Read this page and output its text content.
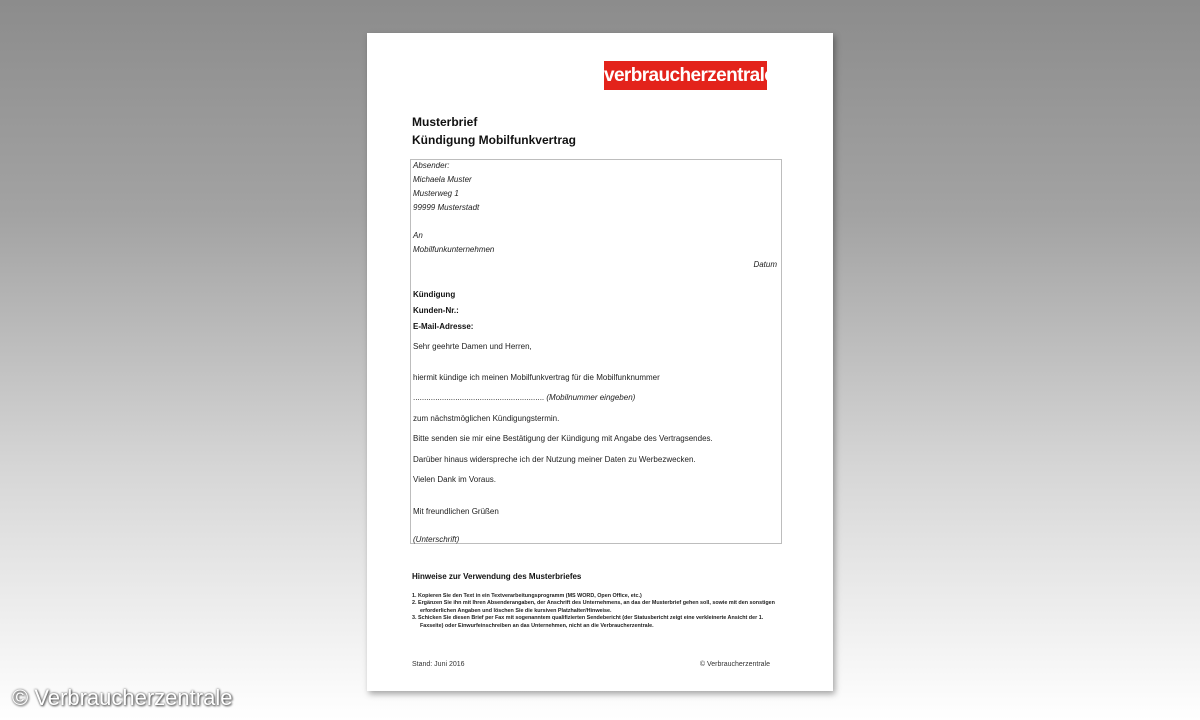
verbraucherzentrale
Musterbrief
Kündigung Mobilfunkvertrag
Absender:
Michaela Muster
Musterweg 1
99999 Musterstadt
An
Mobilfunkunternehmen
Datum
Kündigung
Kunden-Nr.:
E-Mail-Adresse:
Sehr geehrte Damen und Herren,
hiermit kündige ich meinen Mobilfunkvertrag für die Mobilfunknummer
........................................................... (Mobilnummer eingeben)
zum nächstmöglichen Kündigungstermin.
Bitte senden sie mir eine Bestätigung der Kündigung mit Angabe des Vertragsendes.
Darüber hinaus widerspreche ich der Nutzung meiner Daten zu Werbezwecken.
Vielen Dank im Voraus.
Mit freundlichen Grüßen
(Unterschrift)
Hinweise zur Verwendung des Musterbriefes
1. Kopieren Sie den Text in ein Textverarbeitungsprogramm (MS WORD, Open Office, etc.)
2. Ergänzen Sie ihn mit Ihren Absenderangaben, der Anschrift des Unternehmens, an das der Musterbrief gehen soll, sowie mit den sonstigen erforderlichen Angaben und löschen Sie die kursiven Platzhalter/Hinweise.
3. Schicken Sie diesen Brief per Fax mit sogenanntem qualifizierten Sendebericht (der Statusbericht zeigt eine verkleinerte Ansicht der 1. Faxseite) oder Einwurfeinschreiben an das Unternehmen, nicht an die Verbraucherzentrale.
Stand: Juni 2016	© Verbraucherzentrale
© Verbraucherzentrale
